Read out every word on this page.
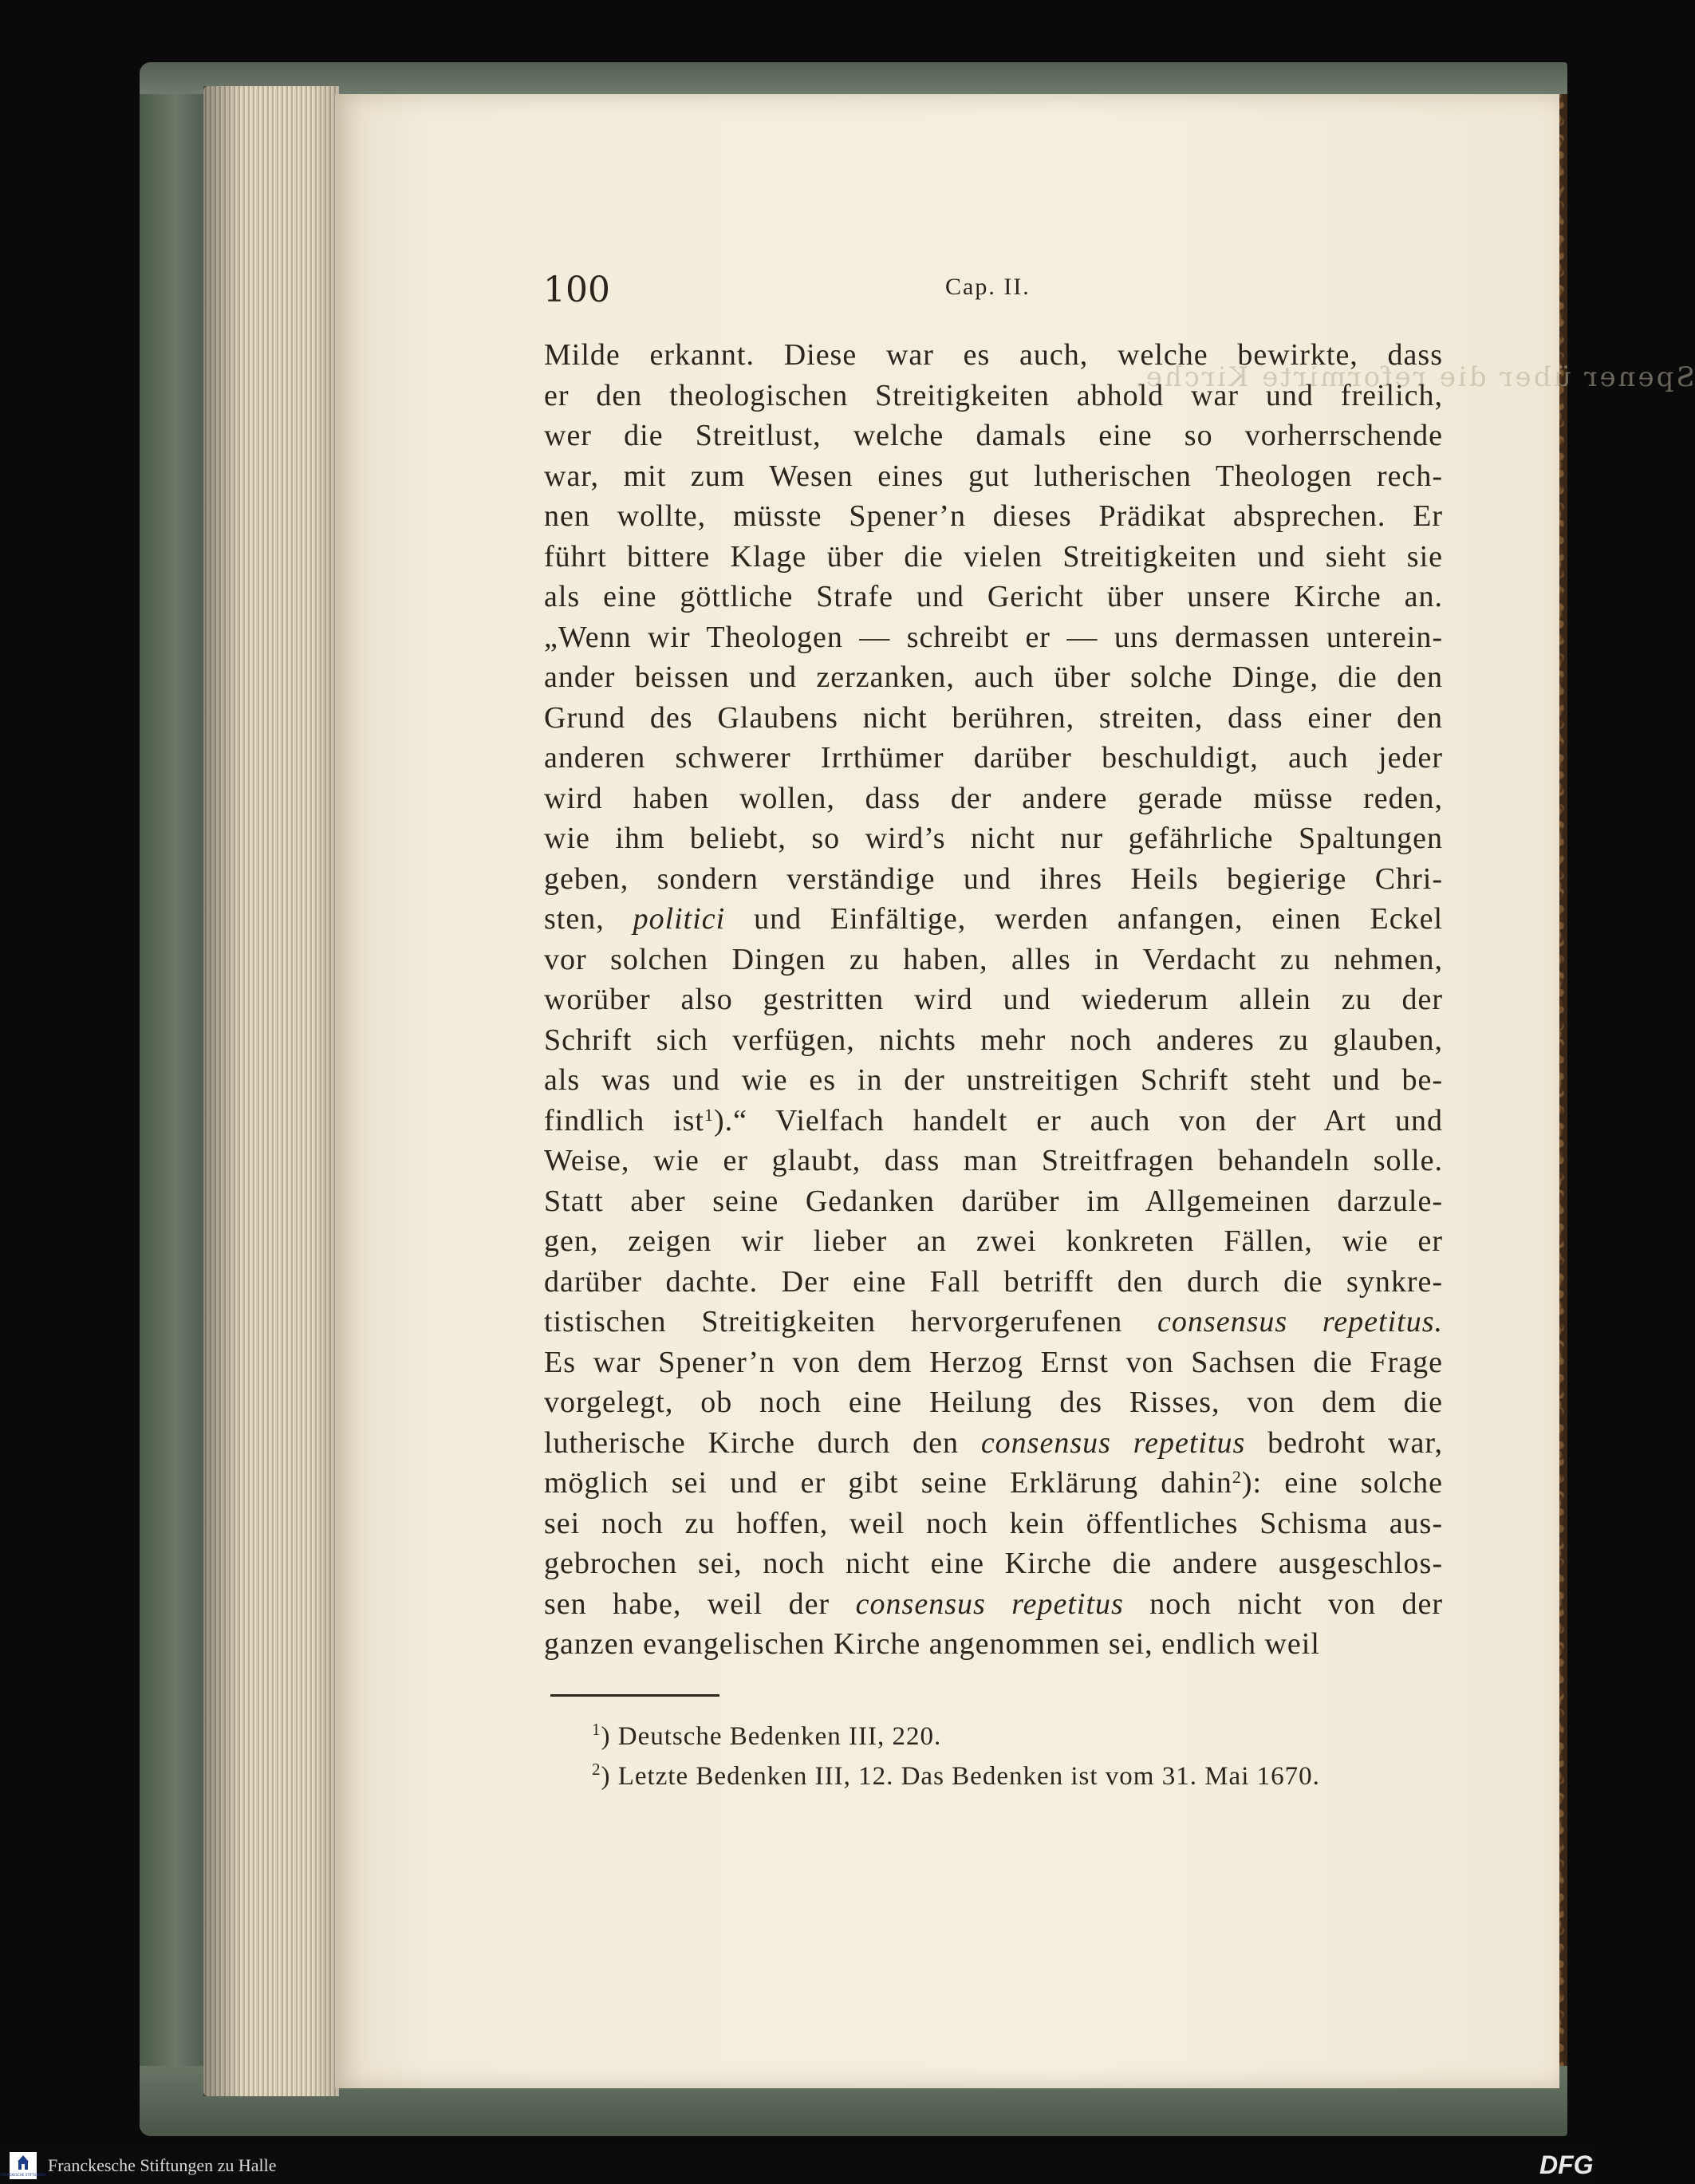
Spener über die reformirte Kirche.
100	Cap. II.
Milde erkannt. Diese war es auch, welche bewirkte, dass
er den theologischen Streitigkeiten abhold war und freilich,
wer die Streitlust, welche damals eine so vorherrschende
war, mit zum Wesen eines gut lutherischen Theologen rech-
nen wollte, müsste Spener’n dieses Prädikat absprechen. Er
führt bittere Klage über die vielen Streitigkeiten und sieht sie
als eine göttliche Strafe und Gericht über unsere Kirche an.
„Wenn wir Theologen — schreibt er — uns dermassen unterein-
ander beissen und zerzanken, auch über solche Dinge, die den
Grund des Glaubens nicht berühren, streiten, dass einer den
anderen schwerer Irrthümer darüber beschuldigt, auch jeder
wird haben wollen, dass der andere gerade müsse reden,
wie ihm beliebt, so wird’s nicht nur gefährliche Spaltungen
geben, sondern verständige und ihres Heils begierige Chri-
sten, politici und Einfältige, werden anfangen, einen Eckel
vor solchen Dingen zu haben, alles in Verdacht zu nehmen,
worüber also gestritten wird und wiederum allein zu der
Schrift sich verfügen, nichts mehr noch anderes zu glauben,
als was und wie es in der unstreitigen Schrift steht und be-
findlich ist$^1$).“ Vielfach handelt er auch von der Art und
Weise, wie er glaubt, dass man Streitfragen behandeln solle.
Statt aber seine Gedanken darüber im Allgemeinen darzule-
gen, zeigen wir lieber an zwei konkreten Fällen, wie er
darüber dachte. Der eine Fall betrifft den durch die synkre-
tistischen Streitigkeiten hervorgerufenen consensus repetitus.
Es war Spener’n von dem Herzog Ernst von Sachsen die Frage
vorgelegt, ob noch eine Heilung des Risses, von dem die
lutherische Kirche durch den consensus repetitus bedroht war,
möglich sei und er gibt seine Erklärung dahin$^2$): eine solche
sei noch zu hoffen, weil noch kein öffentliches Schisma aus-
gebrochen sei, noch nicht eine Kirche die andere ausgeschlos-
sen habe, weil der consensus repetitus noch nicht von der
ganzen evangelischen Kirche angenommen sei, endlich weil
$^1$) Deutsche Bedenken III, 220.
$^2$) Letzte Bedenken III, 12. Das Bedenken ist vom 31. Mai 1670.
FRANCKESCHE STIFTUNGEN Franckesche Stiftungen zu Halle	DFG
